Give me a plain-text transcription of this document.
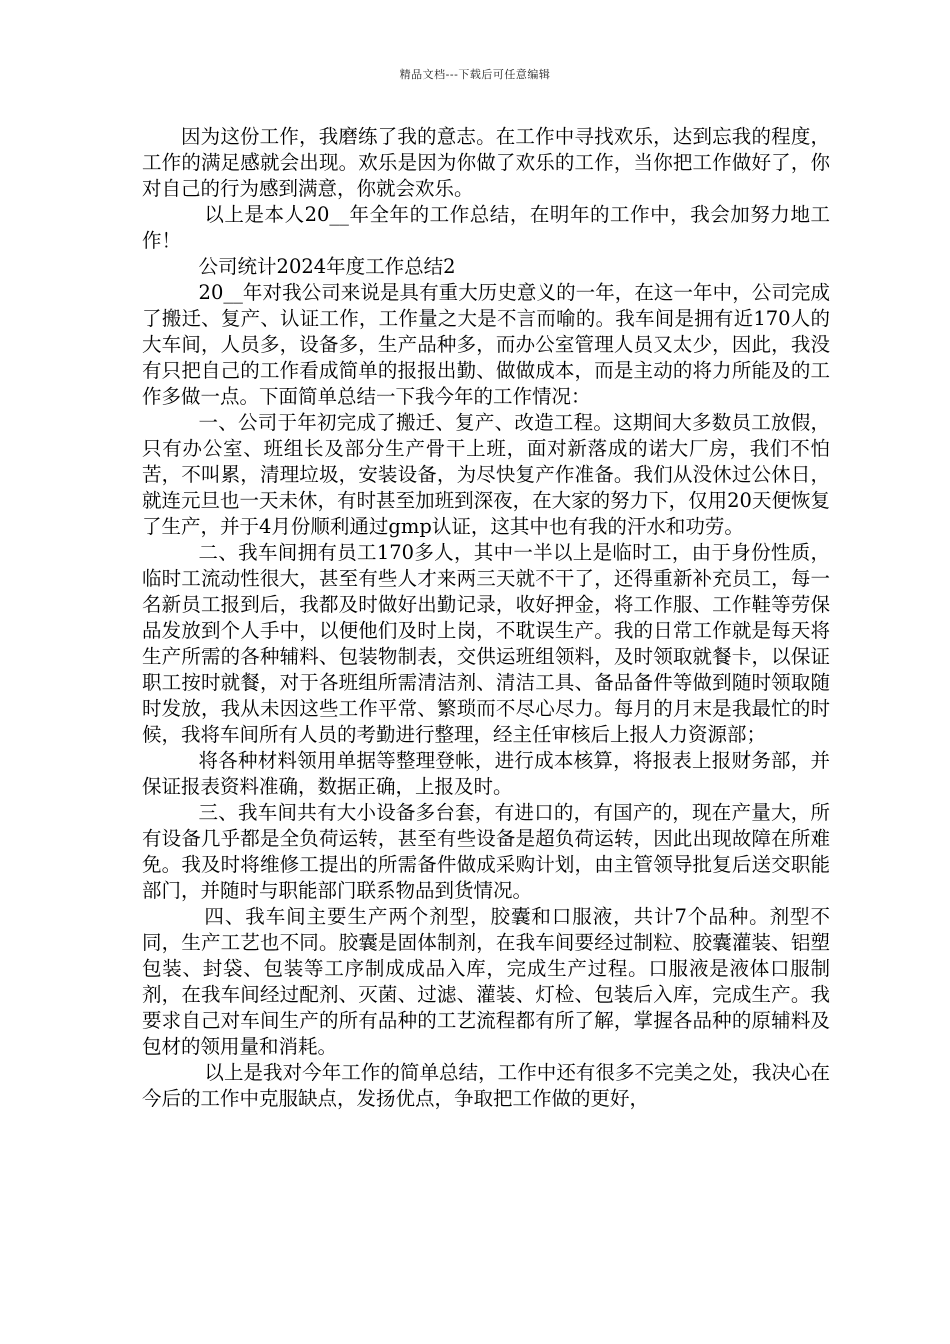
精品文档---下载后可任意编辑

因为这份工作，我磨练了我的意志。在工作中寻找欢乐，达到忘我的程度，工作的满足感就会出现。欢乐是因为你做了欢乐的工作，当你把工作做好了，你对自己的行为感到满意，你就会欢乐。

以上是本人20__年全年的工作总结，在明年的工作中，我会加努力地工作！

公司统计2024年度工作总结2

20__年对我公司来说是具有重大历史意义的一年，在这一年中，公司完成了搬迁、复产、认证工作，工作量之大是不言而喻的。我车间是拥有近170人的大车间，人员多，设备多，生产品种多，而办公室管理人员又太少，因此，我没有只把自己的工作看成简单的报报出勤、做做成本，而是主动的将力所能及的工作多做一点。下面简单总结一下我今年的工作情况：

一、公司于年初完成了搬迁、复产、改造工程。这期间大多数员工放假，只有办公室、班组长及部分生产骨干上班，面对新落成的诺大厂房，我们不怕苦，不叫累，清理垃圾，安装设备，为尽快复产作准备。我们从没休过公休日，就连元旦也一天未休，有时甚至加班到深夜，在大家的努力下，仅用20天便恢复了生产，并于4月份顺利通过gmp认证，这其中也有我的汗水和功劳。

二、我车间拥有员工170多人，其中一半以上是临时工，由于身份性质，临时工流动性很大，甚至有些人才来两三天就不干了，还得重新补充员工，每一名新员工报到后，我都及时做好出勤记录，收好押金，将工作服、工作鞋等劳保品发放到个人手中，以便他们及时上岗，不耽误生产。我的日常工作就是每天将生产所需的各种辅料、包装物制表，交供运班组领料，及时领取就餐卡，以保证职工按时就餐，对于各班组所需清洁剂、清洁工具、备品备件等做到随时领取随时发放，我从未因这些工作平常、繁琐而不尽心尽力。每月的月末是我最忙的时候，我将车间所有人员的考勤进行整理，经主任审核后上报人力资源部；

将各种材料领用单据等整理登帐，进行成本核算，将报表上报财务部，并保证报表资料准确，数据正确，上报及时。

三、我车间共有大小设备多台套，有进口的，有国产的，现在产量大，所有设备几乎都是全负荷运转，甚至有些设备是超负荷运转，因此出现故障在所难免。我及时将维修工提出的所需备件做成采购计划，由主管领导批复后送交职能部门，并随时与职能部门联系物品到货情况。

四、我车间主要生产两个剂型，胶囊和口服液，共计7个品种。剂型不同，生产工艺也不同。胶囊是固体制剂，在我车间要经过制粒、胶囊灌装、铝塑包装、封袋、包装等工序制成成品入库，完成生产过程。口服液是液体口服制剂，在我车间经过配剂、灭菌、过滤、灌装、灯检、包装后入库，完成生产。我要求自己对车间生产的所有品种的工艺流程都有所了解，掌握各品种的原辅料及包材的领用量和消耗。

以上是我对今年工作的简单总结，工作中还有很多不完美之处，我决心在今后的工作中克服缺点，发扬优点，争取把工作做的更好，
